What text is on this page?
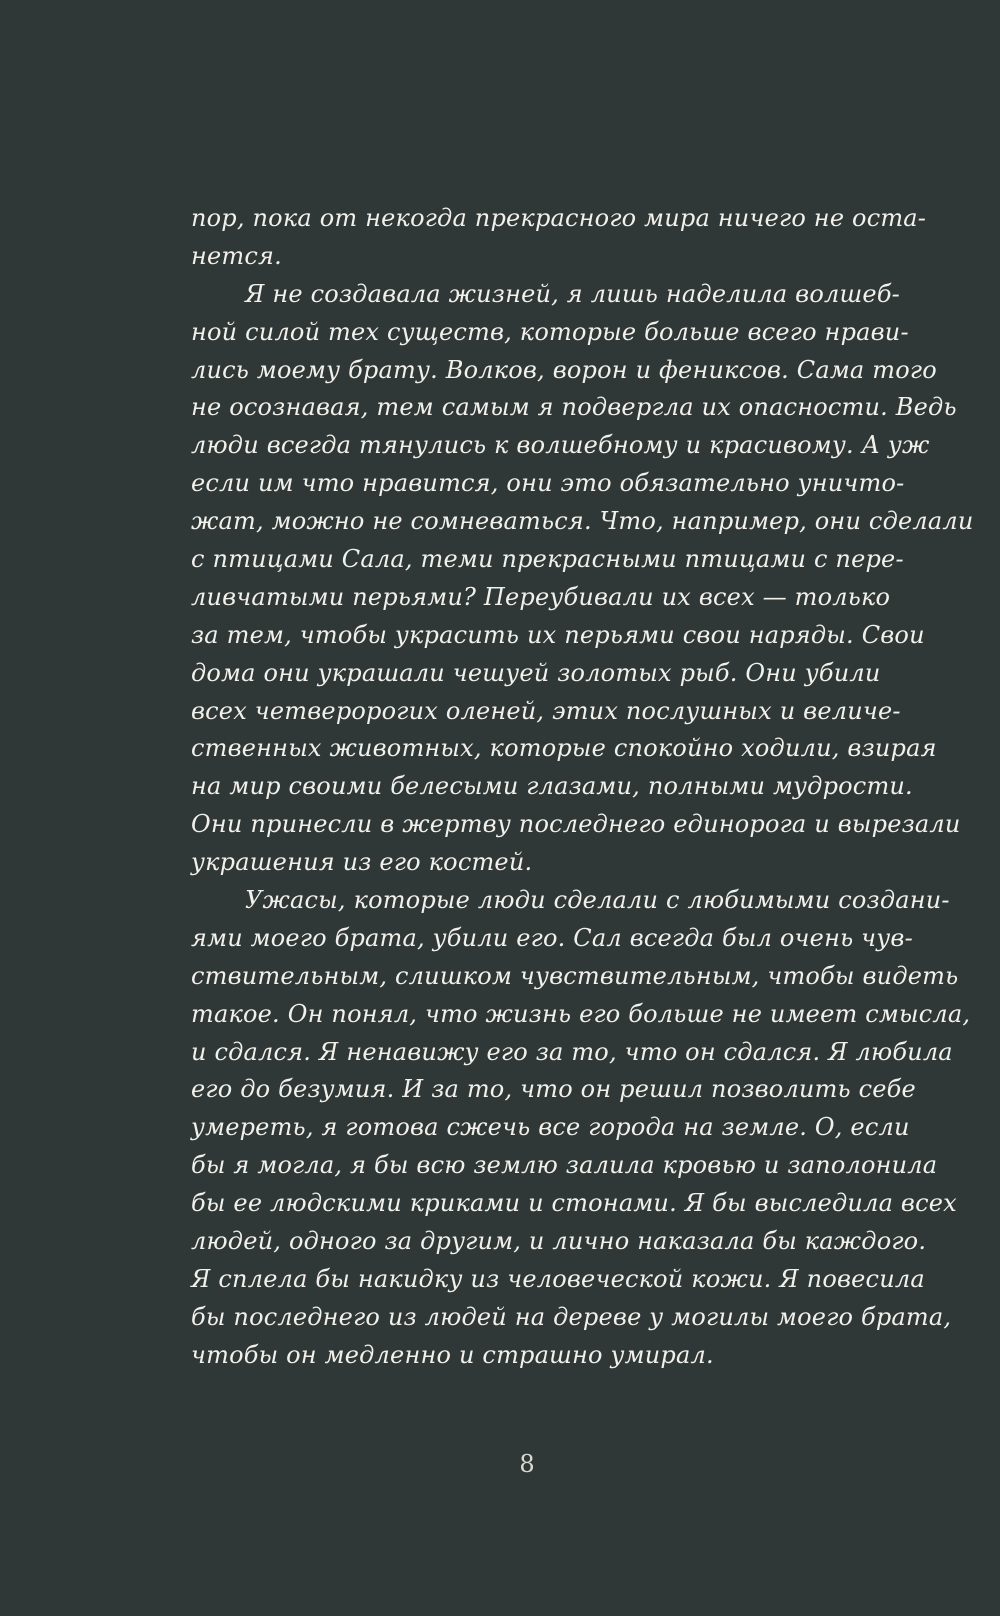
пор, пока от некогда прекрасного мира ничего не оста-
нется.
Я не создавала жизней, я лишь наделила волшеб-
ной силой тех существ, которые больше всего нрави-
лись моему брату. Волков, ворон и фениксов. Сама того
не осознавая, тем самым я подвергла их опасности. Ведь
люди всегда тянулись к волшебному и красивому. А уж
если им что нравится, они это обязательно уничто-
жат, можно не сомневаться. Что, например, они сделали
с птицами Сала, теми прекрасными птицами с пере-
ливчатыми перьями? Переубивали их всех — только
за тем, чтобы украсить их перьями свои наряды. Свои
дома они украшали чешуей золотых рыб. Они убили
всех четверорогих оленей, этих послушных и величе-
ственных животных, которые спокойно ходили, взирая
на мир своими белесыми глазами, полными мудрости.
Они принесли в жертву последнего единорога и вырезали
украшения из его костей.
Ужасы, которые люди сделали с любимыми создани-
ями моего брата, убили его. Сал всегда был очень чув-
ствительным, слишком чувствительным, чтобы видеть
такое. Он понял, что жизнь его больше не имеет смысла,
и сдался. Я ненавижу его за то, что он сдался. Я любила
его до безумия. И за то, что он решил позволить себе
умереть, я готова сжечь все города на земле. О, если
бы я могла, я бы всю землю залила кровью и заполонила
бы ее людскими криками и стонами. Я бы выследила всех
людей, одного за другим, и лично наказала бы каждого.
Я сплела бы накидку из человеческой кожи. Я повесила
бы последнего из людей на дереве у могилы моего брата,
чтобы он медленно и страшно умирал.
8
